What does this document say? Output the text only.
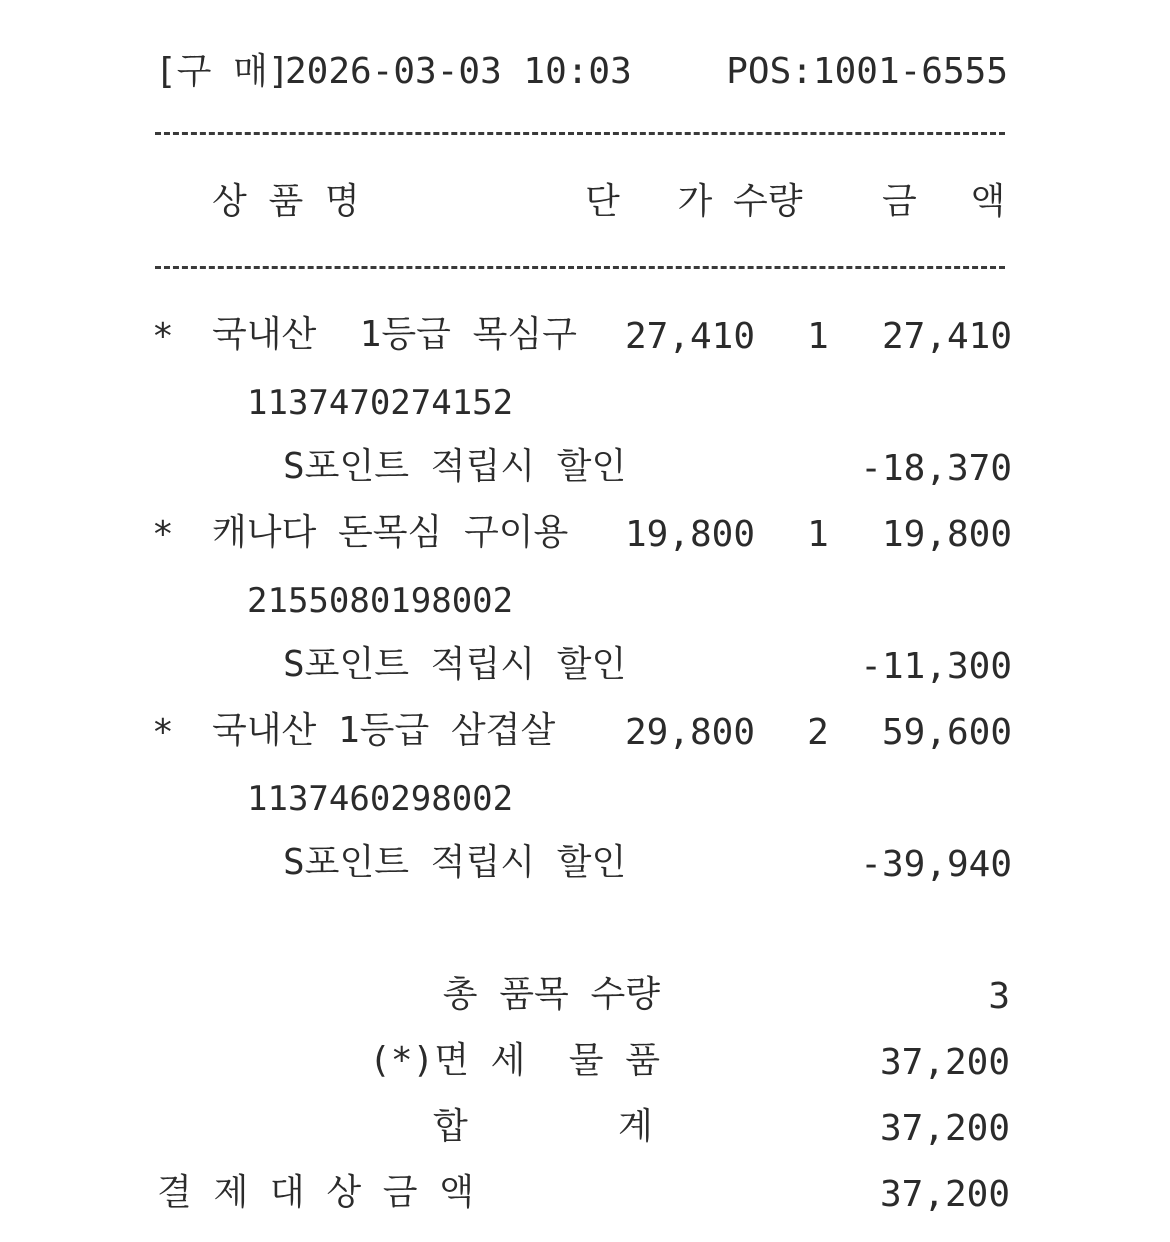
[구 매]
2026-03-03 10:03	POS:1001-6555
상 품 명	단 가 수량 금 액
* 국내산  1등급 목심구	27,410	1	27,410
1137470274152
S포인트 적립시 할인	-18,370
* 캐나다 돈목심 구이용	19,800	1	19,800
2155080198002
S포인트 적립시 할인	-11,300
* 국내산 1등급 삼겹살	29,800	2	59,600
1137460298002
S포인트 적립시 할인	-39,940
총 품목 수량	3
(*)면 세  물 품	37,200
합	계	37,200
결 제 대 상 금 액	37,200
